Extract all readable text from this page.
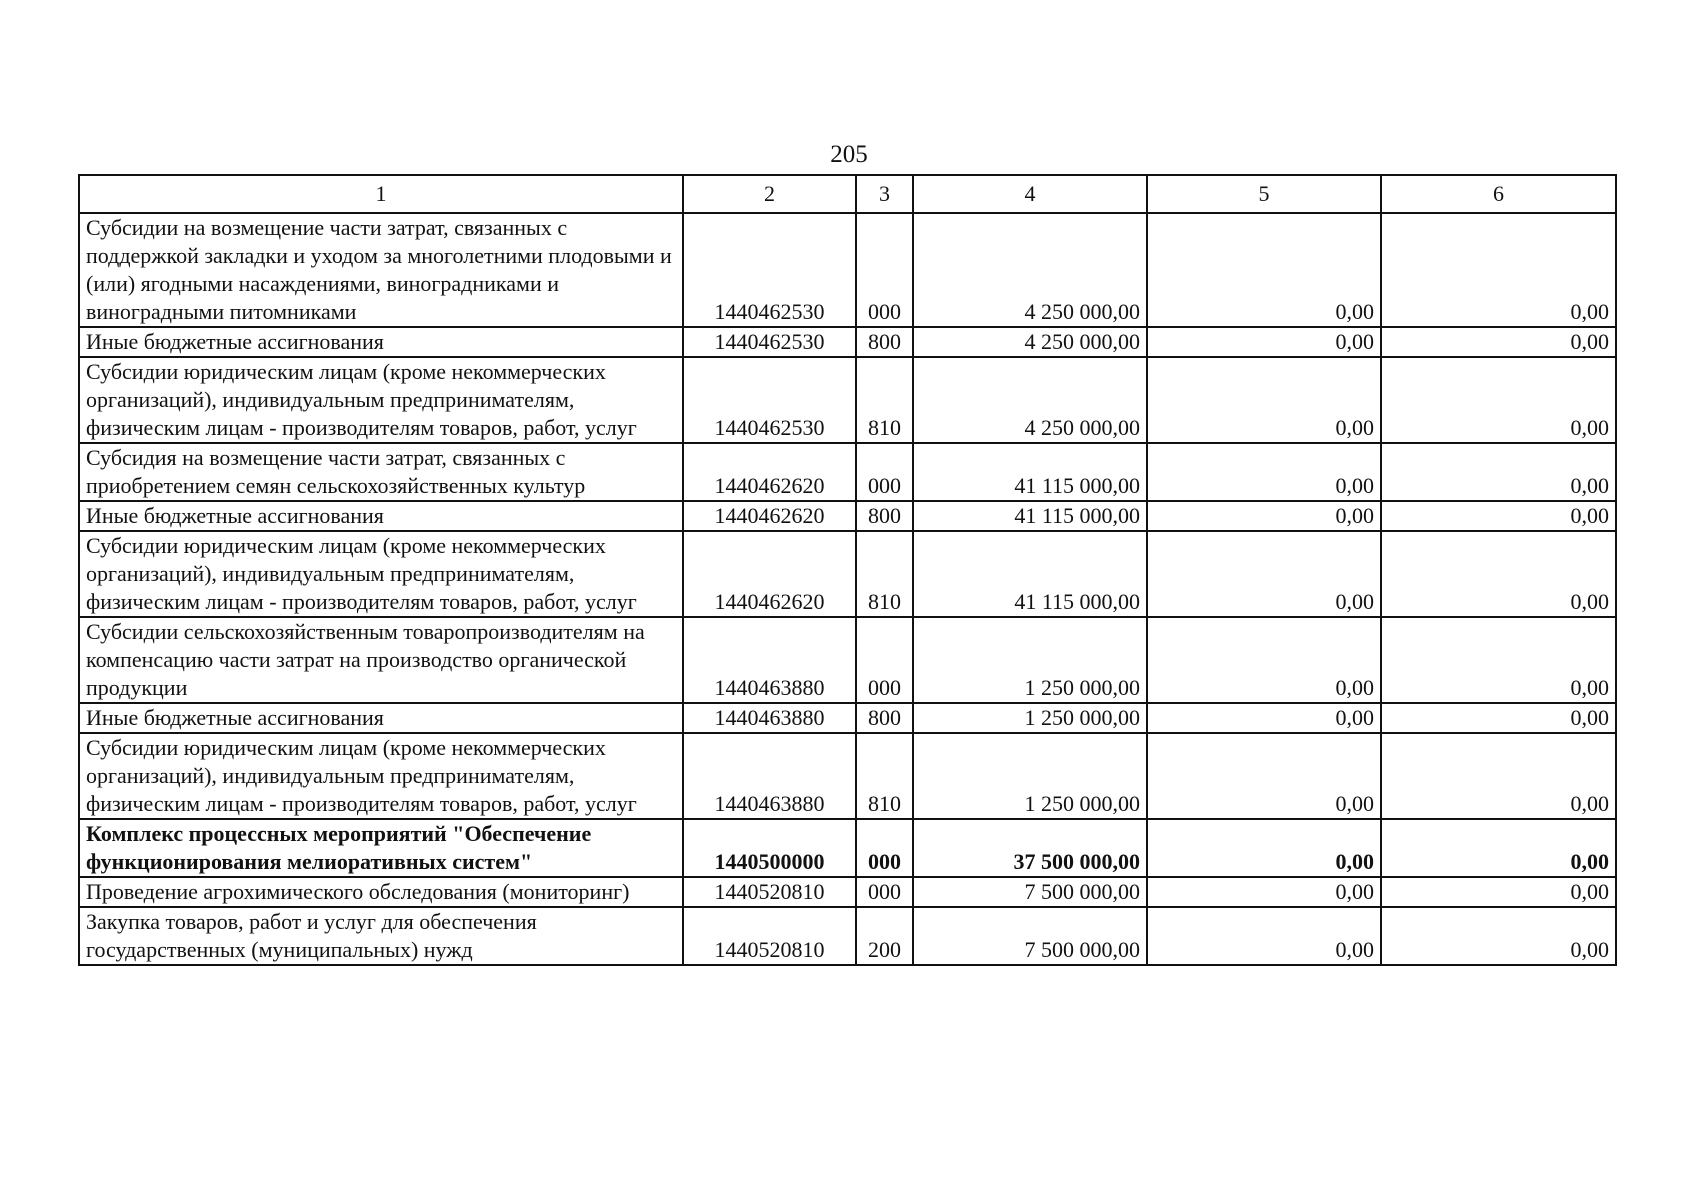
205
1	2	3	4	5	6
Субсидии на возмещение части затрат, связанных с поддержкой закладки и уходом за многолетними плодовыми и (или) ягодными насаждениями, виноградниками и виноградными питомниками	1440462530	000	4 250 000,00	0,00	0,00
Иные бюджетные ассигнования	1440462530	800	4 250 000,00	0,00	0,00
Субсидии юридическим лицам (кроме некоммерческих организаций), индивидуальным предпринимателям, физическим лицам - производителям товаров, работ, услуг	1440462530	810	4 250 000,00	0,00	0,00
Субсидия на возмещение части затрат, связанных с приобретением семян сельскохозяйственных культур	1440462620	000	41 115 000,00	0,00	0,00
Иные бюджетные ассигнования	1440462620	800	41 115 000,00	0,00	0,00
Субсидии юридическим лицам (кроме некоммерческих организаций), индивидуальным предпринимателям, физическим лицам - производителям товаров, работ, услуг	1440462620	810	41 115 000,00	0,00	0,00
Субсидии сельскохозяйственным товаропроизводителям на компенсацию части затрат на производство органической продукции	1440463880	000	1 250 000,00	0,00	0,00
Иные бюджетные ассигнования	1440463880	800	1 250 000,00	0,00	0,00
Субсидии юридическим лицам (кроме некоммерческих организаций), индивидуальным предпринимателям, физическим лицам - производителям товаров, работ, услуг	1440463880	810	1 250 000,00	0,00	0,00
Комплекс процессных мероприятий "Обеспечение функционирования мелиоративных систем"	1440500000	000	37 500 000,00	0,00	0,00
Проведение агрохимического обследования (мониторинг)	1440520810	000	7 500 000,00	0,00	0,00
Закупка товаров, работ и услуг для обеспечения государственных (муниципальных) нужд	1440520810	200	7 500 000,00	0,00	0,00
